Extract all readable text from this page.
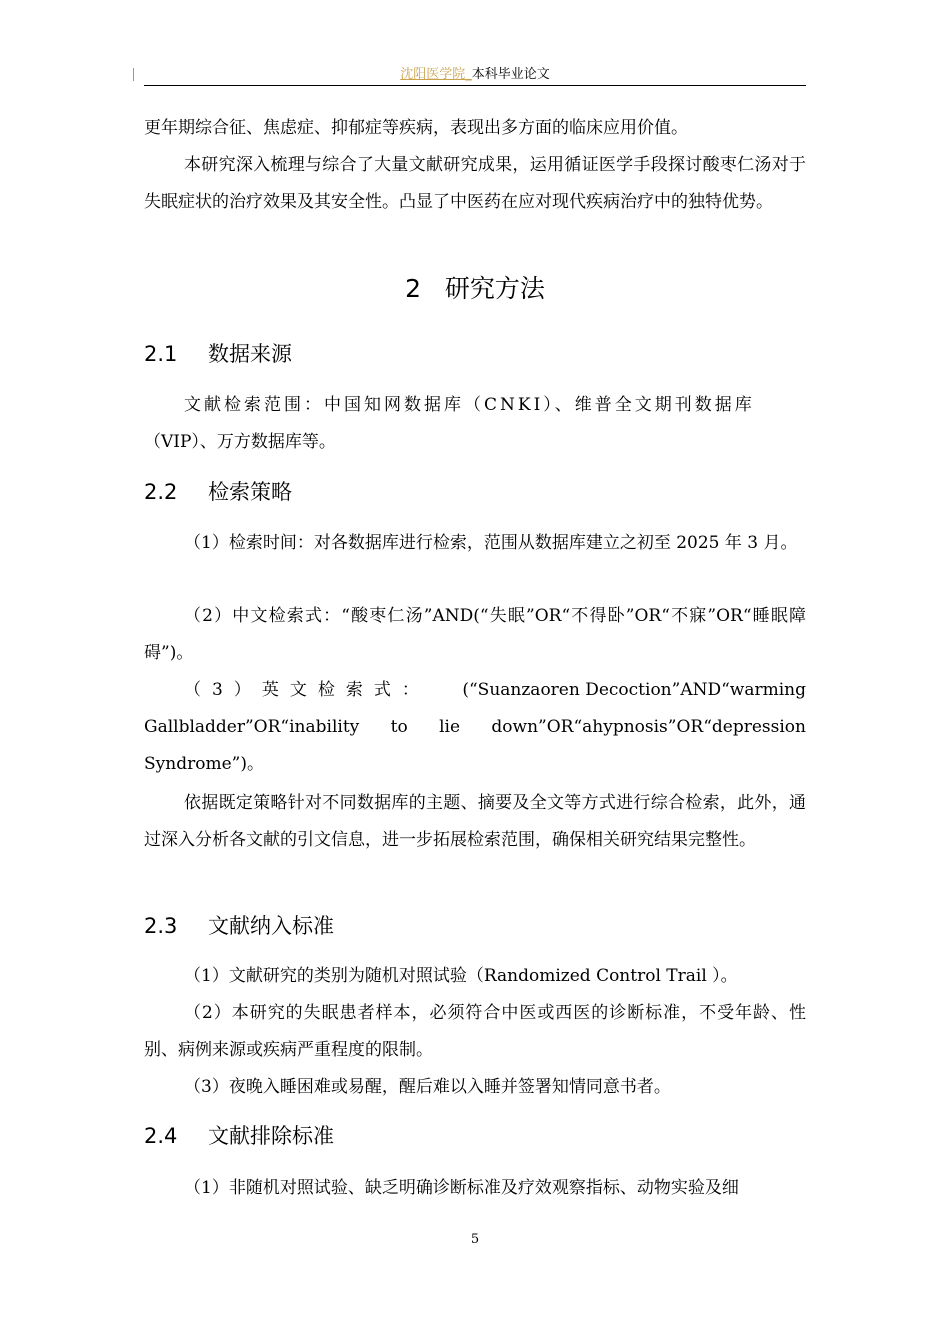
沈阳医学院_本科毕业论文

更年期综合征、焦虑症、抑郁症等疾病，表现出多方面的临床应用价值。

本研究深入梳理与综合了大量文献研究成果，运用循证医学手段探讨酸枣仁汤对于失眠症状的治疗效果及其安全性。凸显了中医药在应对现代疾病治疗中的独特优势。

2 研究方法
2.1 数据来源

文献检索范围：中国知网数据库（CNKI）、维普全文期刊数据库

（VIP）、万方数据库等。

2.2 检索策略

（1）检索时间：对各数据库进行检索，范围从数据库建立之初至 2025 年 3 月。

（2）中文检索式：“酸枣仁汤”AND(“失眠”OR“不得卧”OR“不寐”OR“睡眠障碍”)。

（3）英文检索式： (“Suanzaoren Decoction”AND“warming
Gallbladder”OR“inability to lie down”OR“ahypnosis”OR“depression

Syndrome”)。

依据既定策略针对不同数据库的主题、摘要及全文等方式进行综合检索，此外，通过深入分析各文献的引文信息，进一步拓展检索范围，确保相关研究结果完整性。

2.3 文献纳入标准

（1）文献研究的类别为随机对照试验（Randomized Control Trail ）。

（2）本研究的失眠患者样本，必须符合中医或西医的诊断标准，不受年龄、性别、病例来源或疾病严重程度的限制。

（3）夜晚入睡困难或易醒，醒后难以入睡并签署知情同意书者。

2.4 文献排除标准

（1）非随机对照试验、缺乏明确诊断标准及疗效观察指标、动物实验及细

5
